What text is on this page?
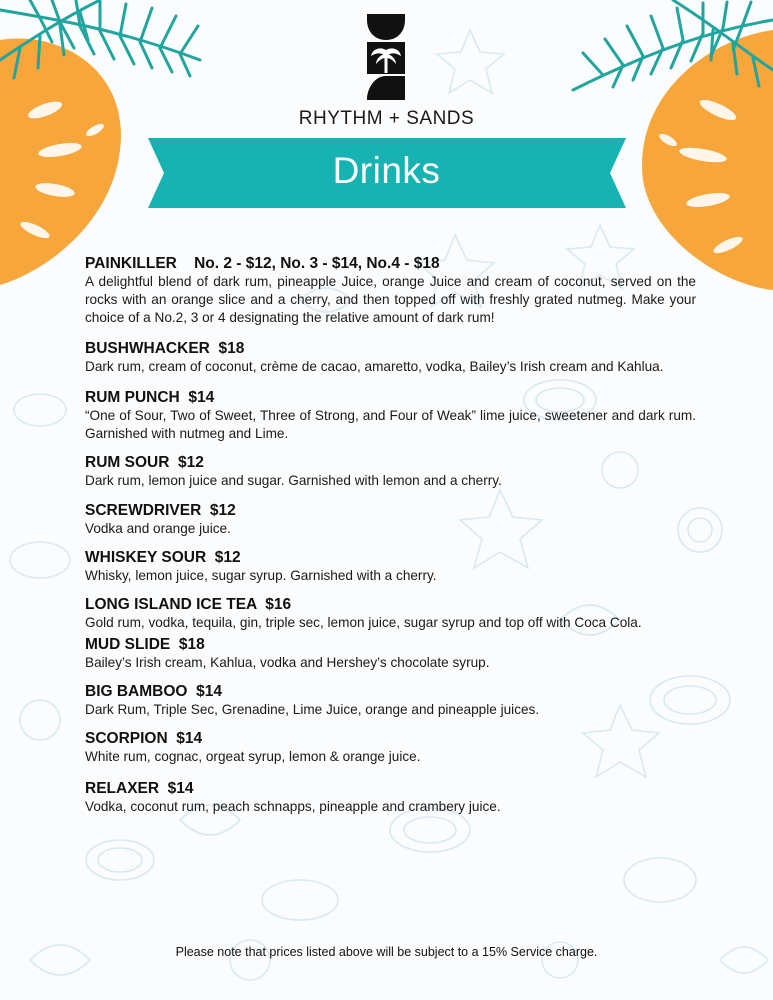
RHYTHM + SANDS
Drinks
PAINKILLER    No. 2 - $12, No. 3 - $14, No.4 - $18
A delightful blend of dark rum, pineapple Juice, orange Juice and cream of coconut, served on the rocks with an orange slice and a cherry, and then topped off with freshly grated nutmeg. Make your choice of a No.2, 3 or 4 designating the relative amount of dark rum!
BUSHWHACKER  $18
Dark rum, cream of coconut, crème de cacao, amaretto, vodka, Bailey’s Irish cream and Kahlua.
RUM PUNCH  $14
“One of Sour, Two of Sweet, Three of Strong, and Four of Weak” lime juice, sweetener and dark rum. Garnished with nutmeg and Lime.
RUM SOUR  $12
Dark rum, lemon juice and sugar. Garnished with lemon and a cherry.
SCREWDRIVER  $12
Vodka and orange juice.
WHISKEY SOUR  $12
Whisky, lemon juice, sugar syrup. Garnished with a cherry.
LONG ISLAND ICE TEA  $16
Gold rum, vodka, tequila, gin, triple sec, lemon juice, sugar syrup and top off with Coca Cola.
MUD SLIDE  $18
Bailey’s Irish cream, Kahlua, vodka and Hershey’s chocolate syrup.
BIG BAMBOO  $14
Dark Rum, Triple Sec, Grenadine, Lime Juice, orange and pineapple juices.
SCORPION  $14
White rum, cognac, orgeat syrup, lemon & orange juice.
RELAXER  $14
Vodka, coconut rum, peach schnapps, pineapple and crambery juice.
Please note that prices listed above will be subject to a 15% Service charge.
